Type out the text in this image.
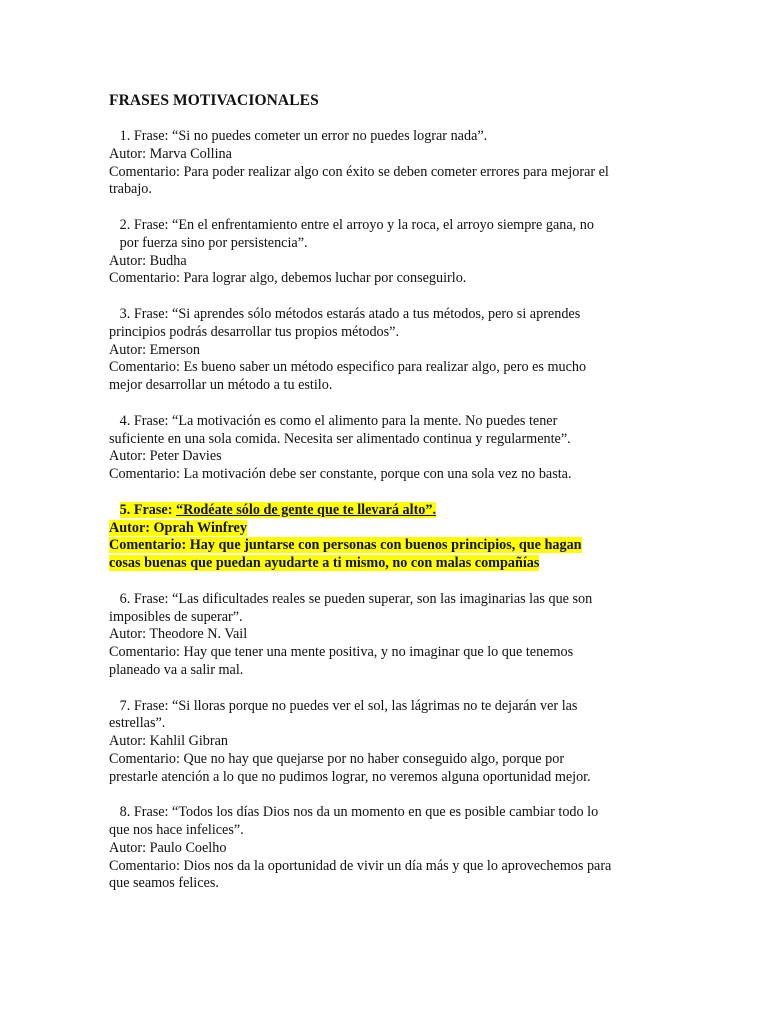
FRASES MOTIVACIONALES
1. Frase: “Si no puedes cometer un error no puedes lograr nada”.
Autor: Marva Collina
Comentario: Para poder realizar algo con éxito se deben cometer errores para mejorar el
trabajo.
2. Frase: “En el enfrentamiento entre el arroyo y la roca, el arroyo siempre gana, no
por fuerza sino por persistencia”.
Autor: Budha
Comentario: Para lograr algo, debemos luchar por conseguirlo.
3. Frase: “Si aprendes sólo métodos estarás atado a tus métodos, pero si aprendes
principios podrás desarrollar tus propios métodos”.
Autor: Emerson
Comentario: Es bueno saber un método especifico para realizar algo, pero es mucho
mejor desarrollar un método a tu estilo.
4. Frase: “La motivación es como el alimento para la mente. No puedes tener
suficiente en una sola comida. Necesita ser alimentado continua y regularmente”.
Autor: Peter Davies
Comentario: La motivación debe ser constante, porque con una sola vez no basta.
5. Frase: “Rodéate sólo de gente que te llevará alto”.
Autor: Oprah Winfrey
Comentario: Hay que juntarse con personas con buenos principios, que hagan
cosas buenas que puedan ayudarte a ti mismo, no con malas compañías
6. Frase: “Las dificultades reales se pueden superar, son las imaginarias las que son
imposibles de superar”.
Autor: Theodore N. Vail
Comentario: Hay que tener una mente positiva, y no imaginar que lo que tenemos
planeado va a salir mal.
7. Frase: “Si lloras porque no puedes ver el sol, las lágrimas no te dejarán ver las
estrellas”.
Autor: Kahlil Gibran
Comentario: Que no hay que quejarse por no haber conseguido algo, porque por
prestarle atención a lo que no pudimos lograr, no veremos alguna oportunidad mejor.
8. Frase: “Todos los días Dios nos da un momento en que es posible cambiar todo lo
que nos hace infelices”.
Autor: Paulo Coelho
Comentario: Dios nos da la oportunidad de vivir un día más y que lo aprovechemos para
que seamos felices.
